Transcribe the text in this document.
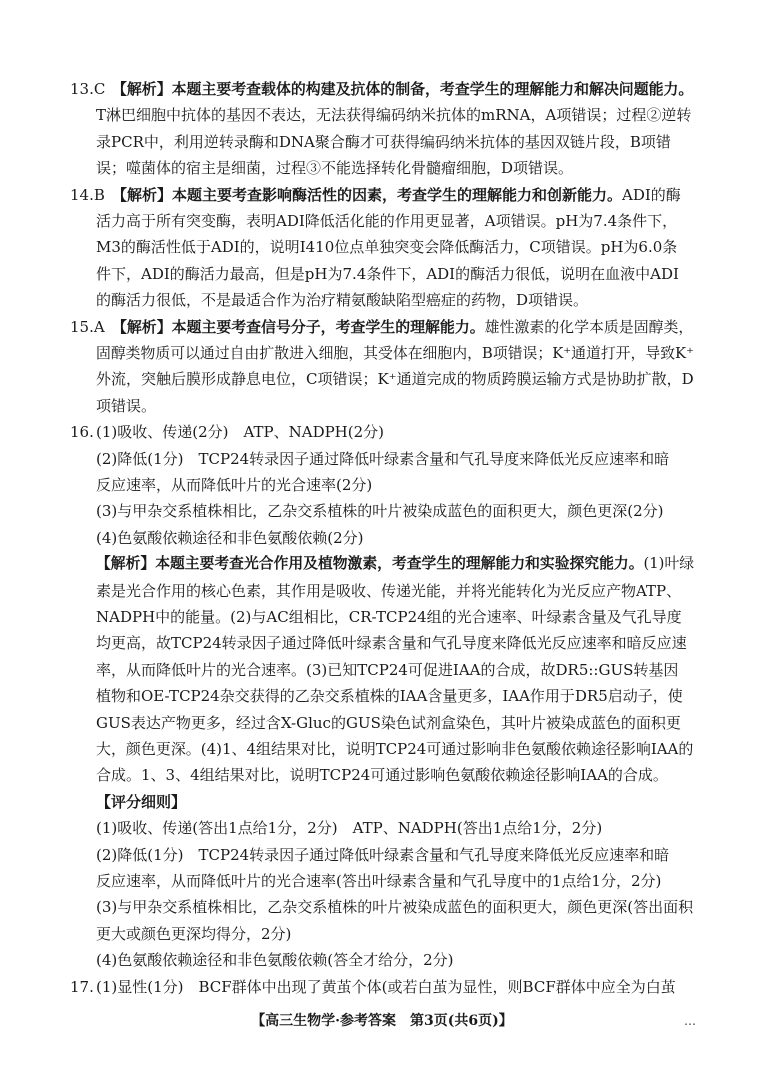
13.C 【解析】本题主要考查载体的构建及抗体的制备，考查学生的理解能力和解决问题能力。
T淋巴细胞中抗体的基因不表达，无法获得编码纳米抗体的mRNA，A项错误；过程②逆转
录PCR中，利用逆转录酶和DNA聚合酶才可获得编码纳米抗体的基因双链片段，B项错
误；噬菌体的宿主是细菌，过程③不能选择转化骨髓瘤细胞，D项错误。
14.B 【解析】本题主要考查影响酶活性的因素，考查学生的理解能力和创新能力。ADI的酶
活力高于所有突变酶，表明ADI降低活化能的作用更显著，A项错误。pH为7.4条件下，
M3的酶活性低于ADI的，说明I410位点单独突变会降低酶活力，C项错误。pH为6.0条
件下，ADI的酶活力最高，但是pH为7.4条件下，ADI的酶活力很低，说明在血液中ADI
的酶活力很低，不是最适合作为治疗精氨酸缺陷型癌症的药物，D项错误。
15.A 【解析】本题主要考查信号分子，考查学生的理解能力。雄性激素的化学本质是固醇类，
固醇类物质可以通过自由扩散进入细胞，其受体在细胞内，B项错误；K⁺通道打开，导致K⁺
外流，突触后膜形成静息电位，C项错误；K⁺通道完成的物质跨膜运输方式是协助扩散，D
项错误。
16. (1)吸收、传递(2分)　ATP、NADPH(2分)
(2)降低(1分)　TCP24转录因子通过降低叶绿素含量和气孔导度来降低光反应速率和暗
反应速率，从而降低叶片的光合速率(2分)
(3)与甲杂交系植株相比，乙杂交系植株的叶片被染成蓝色的面积更大，颜色更深(2分)
(4)色氨酸依赖途径和非色氨酸依赖(2分)
【解析】本题主要考查光合作用及植物激素，考查学生的理解能力和实验探究能力。(1)叶绿
素是光合作用的核心色素，其作用是吸收、传递光能，并将光能转化为光反应产物ATP、
NADPH中的能量。(2)与AC组相比，CR-TCP24组的光合速率、叶绿素含量及气孔导度
均更高，故TCP24转录因子通过降低叶绿素含量和气孔导度来降低光反应速率和暗反应速
率，从而降低叶片的光合速率。(3)已知TCP24可促进IAA的合成，故DR5::GUS转基因
植物和OE-TCP24杂交获得的乙杂交系植株的IAA含量更多，IAA作用于DR5启动子，使
GUS表达产物更多，经过含X-Gluc的GUS染色试剂盒染色，其叶片被染成蓝色的面积更
大，颜色更深。(4)1、4组结果对比，说明TCP24可通过影响非色氨酸依赖途径影响IAA的
合成。1、3、4组结果对比，说明TCP24可通过影响色氨酸依赖途径影响IAA的合成。
【评分细则】
(1)吸收、传递(答出1点给1分，2分)　ATP、NADPH(答出1点给1分，2分)
(2)降低(1分)　TCP24转录因子通过降低叶绿素含量和气孔导度来降低光反应速率和暗
反应速率，从而降低叶片的光合速率(答出叶绿素含量和气孔导度中的1点给1分，2分)
(3)与甲杂交系植株相比，乙杂交系植株的叶片被染成蓝色的面积更大，颜色更深(答出面积
更大或颜色更深均得分，2分)
(4)色氨酸依赖途径和非色氨酸依赖(答全才给分，2分)
17. (1)显性(1分)　BCF群体中出现了黄茧个体(或若白茧为显性，则BCF群体中应全为白茧
【高三生物学·参考答案　第3页(共6页)】	…
